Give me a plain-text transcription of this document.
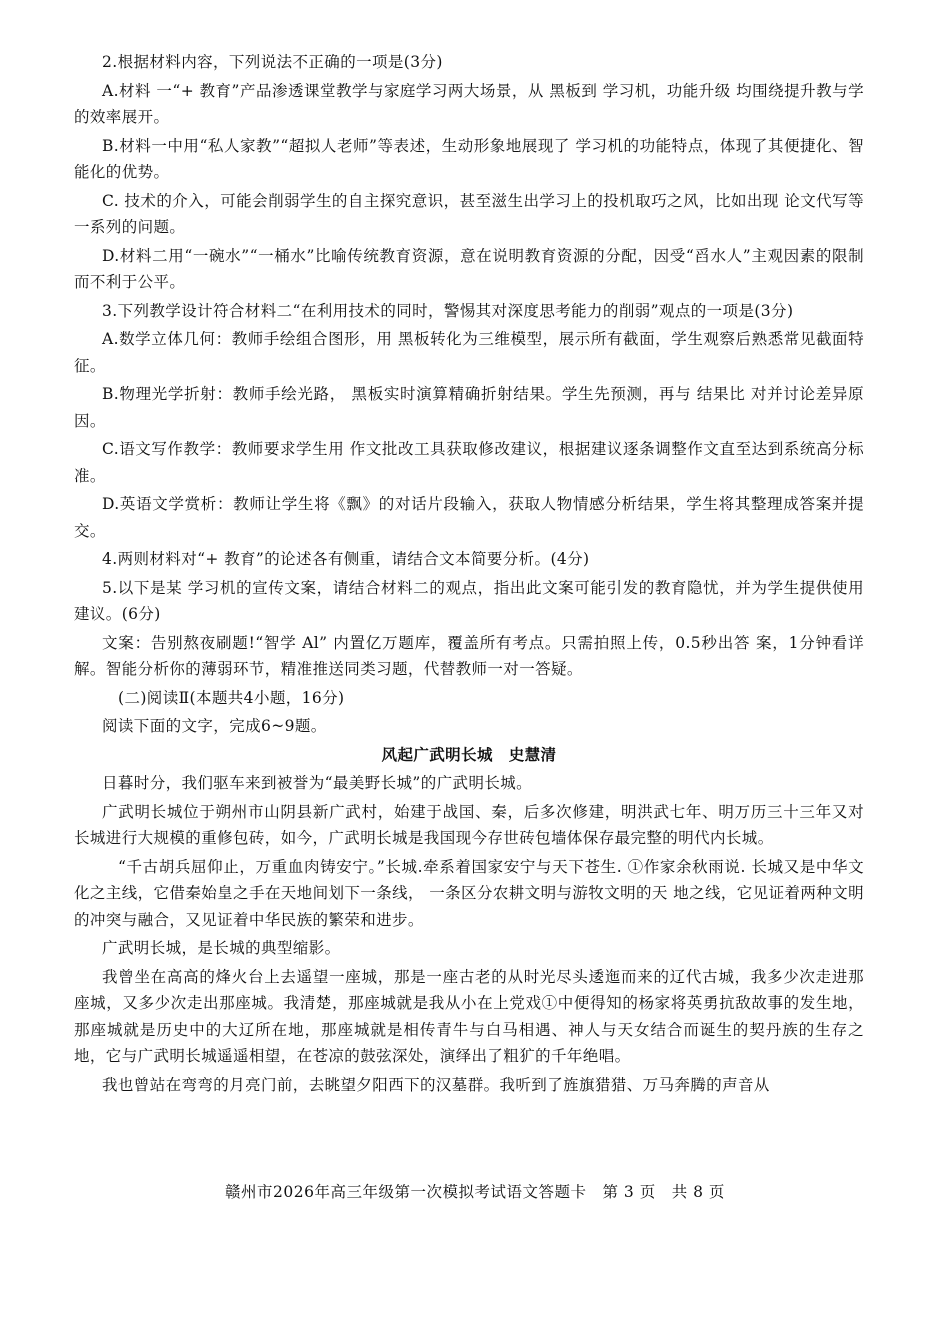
2.根据材料内容，下列说法不正确的一项是(3分)

A.材料 一“+ 教育”产品渗透课堂教学与家庭学习两大场景，从 黑板到 学习机，功能升级 均围绕提升教与学的效率展开。

B.材料一中用“私人家教”“超拟人老师”等表述，生动形象地展现了 学习机的功能特点，体现了其便捷化、智能化的优势。

C. 技术的介入，可能会削弱学生的自主探究意识，甚至滋生出学习上的投机取巧之风，比如出现 论文代写等一系列的问题。

D.材料二用“一碗水”“一桶水”比喻传统教育资源，意在说明教育资源的分配，因受“舀水人”主观因素的限制而不利于公平。

3.下列教学设计符合材料二“在利用技术的同时，警惕其对深度思考能力的削弱”观点的一项是(3分)

A.数学立体几何：教师手绘组合图形，用 黑板转化为三维模型，展示所有截面，学生观察后熟悉常见截面特征。

B.物理光学折射：教师手绘光路， 黑板实时演算精确折射结果。学生先预测，再与 结果比 对并讨论差异原因。

C.语文写作教学：教师要求学生用 作文批改工具获取修改建议，根据建议逐条调整作文直至达到系统高分标准。

D.英语文学赏析：教师让学生将《飘》的对话片段输入，获取人物情感分析结果，学生将其整理成答案并提交。

4.两则材料对“+ 教育”的论述各有侧重，请结合文本简要分析。(4分)

5.以下是某 学习机的宣传文案，请结合材料二的观点，指出此文案可能引发的教育隐忧，并为学生提供使用建议。(6分)

文案：告别熬夜刷题!“智学 Al” 内置亿万题库，覆盖所有考点。只需拍照上传，0.5秒出答 案，1分钟看详解。智能分析你的薄弱环节，精准推送同类习题，代替教师一对一答疑。

(二)阅读Ⅱ(本题共4小题，16分)

阅读下面的文字，完成6~9题。

风起广武明长城　史慧清

日暮时分，我们驱车来到被誉为“最美野长城”的广武明长城。

广武明长城位于朔州市山阴县新广武村，始建于战国、秦，后多次修建，明洪武七年、明万历三十三年又对长城进行大规模的重修包砖，如今，广武明长城是我国现今存世砖包墙体保存最完整的明代内长城。

“千古胡兵屈仰止，万重血肉铸安宁。”长城.牵系着国家安宁与天下苍生. ①作家余秋雨说. 长城又是中华文化之主线，它借秦始皇之手在天地间划下一条线， 一条区分农耕文明与游牧文明的天 地之线，它见证着两种文明的冲突与融合，又见证着中华民族的繁荣和进步。

广武明长城，是长城的典型缩影。

我曾坐在高高的烽火台上去遥望一座城，那是一座古老的从时光尽头逶迤而来的辽代古城，我多少次走进那座城，又多少次走出那座城。我清楚，那座城就是我从小在上党戏①中便得知的杨家将英勇抗敌故事的发生地，那座城就是历史中的大辽所在地，那座城就是相传青牛与白马相遇、神人与天女结合而诞生的契丹族的生存之地，它与广武明长城遥遥相望，在苍凉的鼓弦深处，演绎出了粗犷的千年绝唱。

我也曾站在弯弯的月亮门前，去眺望夕阳西下的汉墓群。我听到了旌旗猎猎、万马奔腾的声音从

赣州市2026年高三年级第一次模拟考试语文答题卡　第 3 页　共 8 页
